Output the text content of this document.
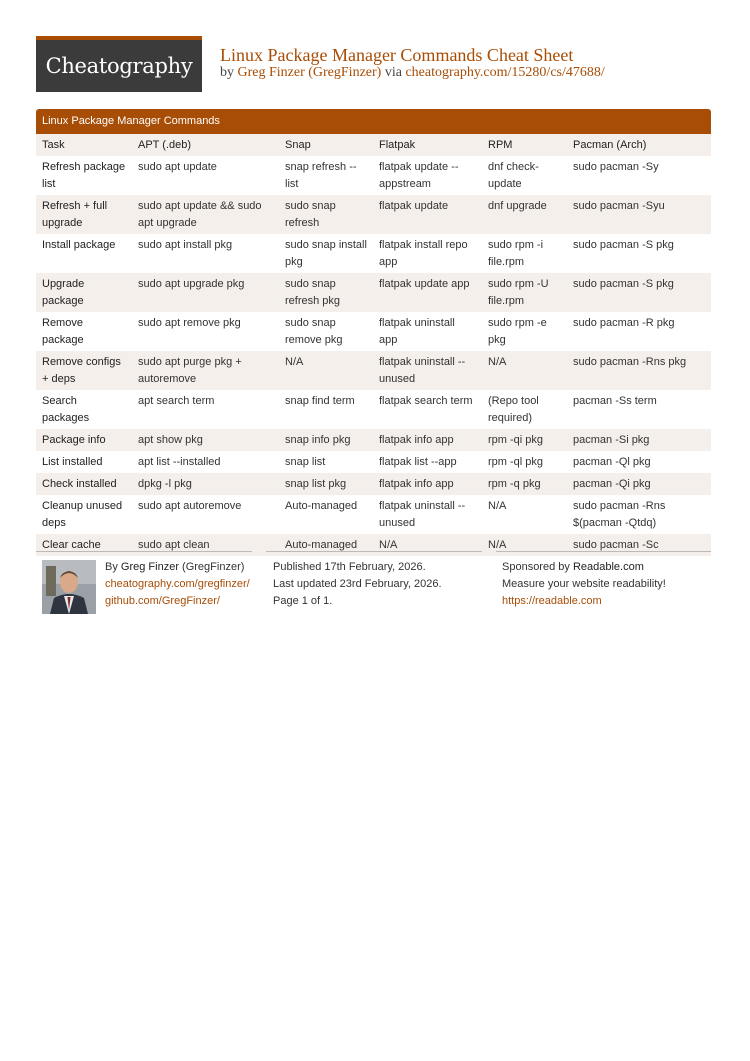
Cheatography Linux Package Manager Commands Cheat Sheet
by Greg Finzer (GregFinzer) via cheatography.com/15280/cs/47688/
Linux Package Manager Commands
Task	APT (.deb)	Snap	Flatpak	RPM	Pacman (Arch)
Refresh package list	sudo apt update	snap refresh --list	flatpak update --appstream	dnf check-update	sudo pacman -Sy
Refresh + full upgrade	sudo apt update && sudo apt upgrade	sudo snap refresh	flatpak update	dnf upgrade	sudo pacman -Syu
Install package	sudo apt install pkg	sudo snap install pkg	flatpak install repo app	sudo rpm -i file.rpm	sudo pacman -S pkg
Upgrade package	sudo apt upgrade pkg	sudo snap refresh pkg	flatpak update app	sudo rpm -U file.rpm	sudo pacman -S pkg
Remove package	sudo apt remove pkg	sudo snap remove pkg	flatpak uninstall app	sudo rpm -e pkg	sudo pacman -R pkg
Remove configs + deps	sudo apt purge pkg + autoremove	N/A	flatpak uninstall --unused	N/A	sudo pacman -Rns pkg
Search packages	apt search term	snap find term	flatpak search term	(Repo tool required)	pacman -Ss term
Package info	apt show pkg	snap info pkg	flatpak info app	rpm -qi pkg	pacman -Si pkg
List installed	apt list --installed	snap list	flatpak list --app	rpm -ql pkg	pacman -Ql pkg
Check installed	dpkg -l pkg	snap list pkg	flatpak info app	rpm -q pkg	pacman -Qi pkg
Cleanup unused deps	sudo apt autoremove	Auto-managed	flatpak uninstall --unused	N/A	sudo pacman -Rns $(pacman -Qtdq)
Clear cache	sudo apt clean	Auto-managed	N/A	N/A	sudo pacman -Sc
By Greg Finzer (GregFinzer)
cheatography.com/gregfinzer/
github.com/GregFinzer/
Published 17th February, 2026.
Last updated 23rd February, 2026.
Page 1 of 1.
Sponsored by Readable.com
Measure your website readability!
https://readable.com
